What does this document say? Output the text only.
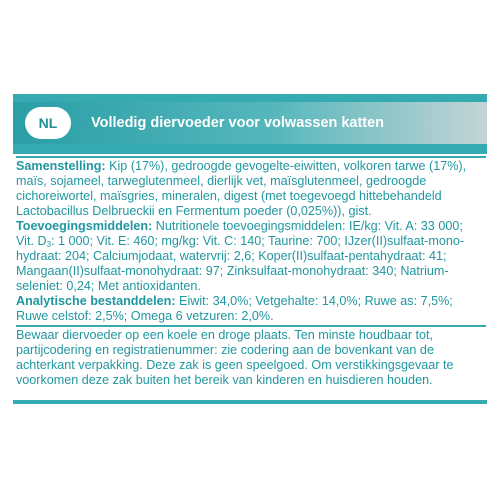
NL	Volledig diervoeder voor volwassen katten

Samenstelling: Kip (17%), gedroogde gevogelte-eiwitten, volkoren tarwe (17%),
maïs, sojameel, tarweglutenmeel, dierlijk vet, maïsglutenmeel, gedroogde
cichoreiwortel, maïsgries, mineralen, digest (met toegevoegd hittebehandeld
Lactobacillus Delbrueckii en Fermentum poeder (0,025%)), gist.

Toevoegingsmiddelen: Nutritionele toevoegingsmiddelen: IE/kg: Vit. A: 33 000;
Vit. $D_3$: 1 000; Vit. E: 460; mg/kg: Vit. C: 140; Taurine: 700; IJzer(II)sulfaat-mono-
hydraat: 204; Calciumjodaat, watervrij: 2,6; Koper(II)sulfaat-pentahydraat: 41;
Mangaan(II)sulfaat-monohydraat: 97; Zinksulfaat-monohydraat: 340; Natrium-
seleniet: 0,24; Met antioxidanten.

Analytische bestanddelen: Eiwit: 34,0%; Vetgehalte: 14,0%; Ruwe as: 7,5%;
Ruwe celstof: 2,5%; Omega 6 vetzuren: 2,0%.

Bewaar diervoeder op een koele en droge plaats. Ten minste houdbaar tot,
partijcodering en registratienummer: zie codering aan de bovenkant van de
achterkant verpakking. Deze zak is geen speelgoed. Om verstikkingsgevaar te
voorkomen deze zak buiten het bereik van kinderen en huisdieren houden.
